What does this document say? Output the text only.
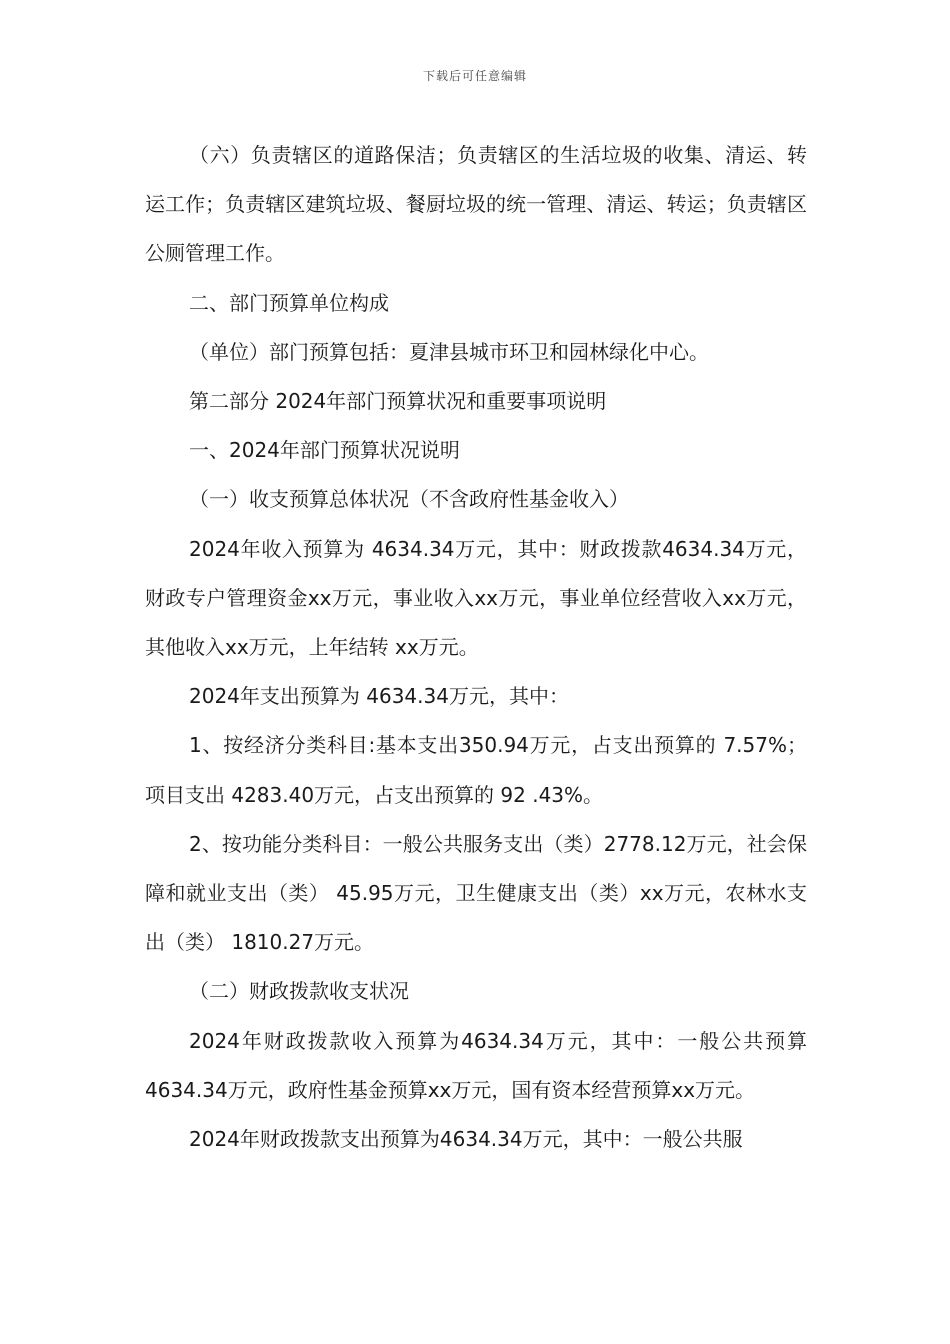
下载后可任意编辑

（六）负责辖区的道路保洁；负责辖区的生活垃圾的收集、清运、转运工作；负责辖区建筑垃圾、餐厨垃圾的统一管理、清运、转运；负责辖区公厕管理工作。

二、部门预算单位构成

（单位）部门预算包括：夏津县城市环卫和园林绿化中心。

第二部分 2024年部门预算状况和重要事项说明

一、2024年部门预算状况说明

（一）收支预算总体状况（不含政府性基金收入）

2024年收入预算为 4634.34万元，其中：财政拨款4634.34万元，财政专户管理资金xx万元，事业收入xx万元，事业单位经营收入xx万元，其他收入xx万元，上年结转 xx万元。

2024年支出预算为 4634.34万元，其中：

1、按经济分类科目:基本支出350.94万元，占支出预算的 7.57%；项目支出 4283.40万元，占支出预算的 92 .43%。

2、按功能分类科目：一般公共服务支出（类）2778.12万元，社会保障和就业支出（类） 45.95万元，卫生健康支出（类）xx万元，农林水支出（类） 1810.27万元。

（二）财政拨款收支状况

2024年财政拨款收入预算为4634.34万元，其中：一般公共预算4634.34万元，政府性基金预算xx万元，国有资本经营预算xx万元。

2024年财政拨款支出预算为4634.34万元，其中：一般公共服
